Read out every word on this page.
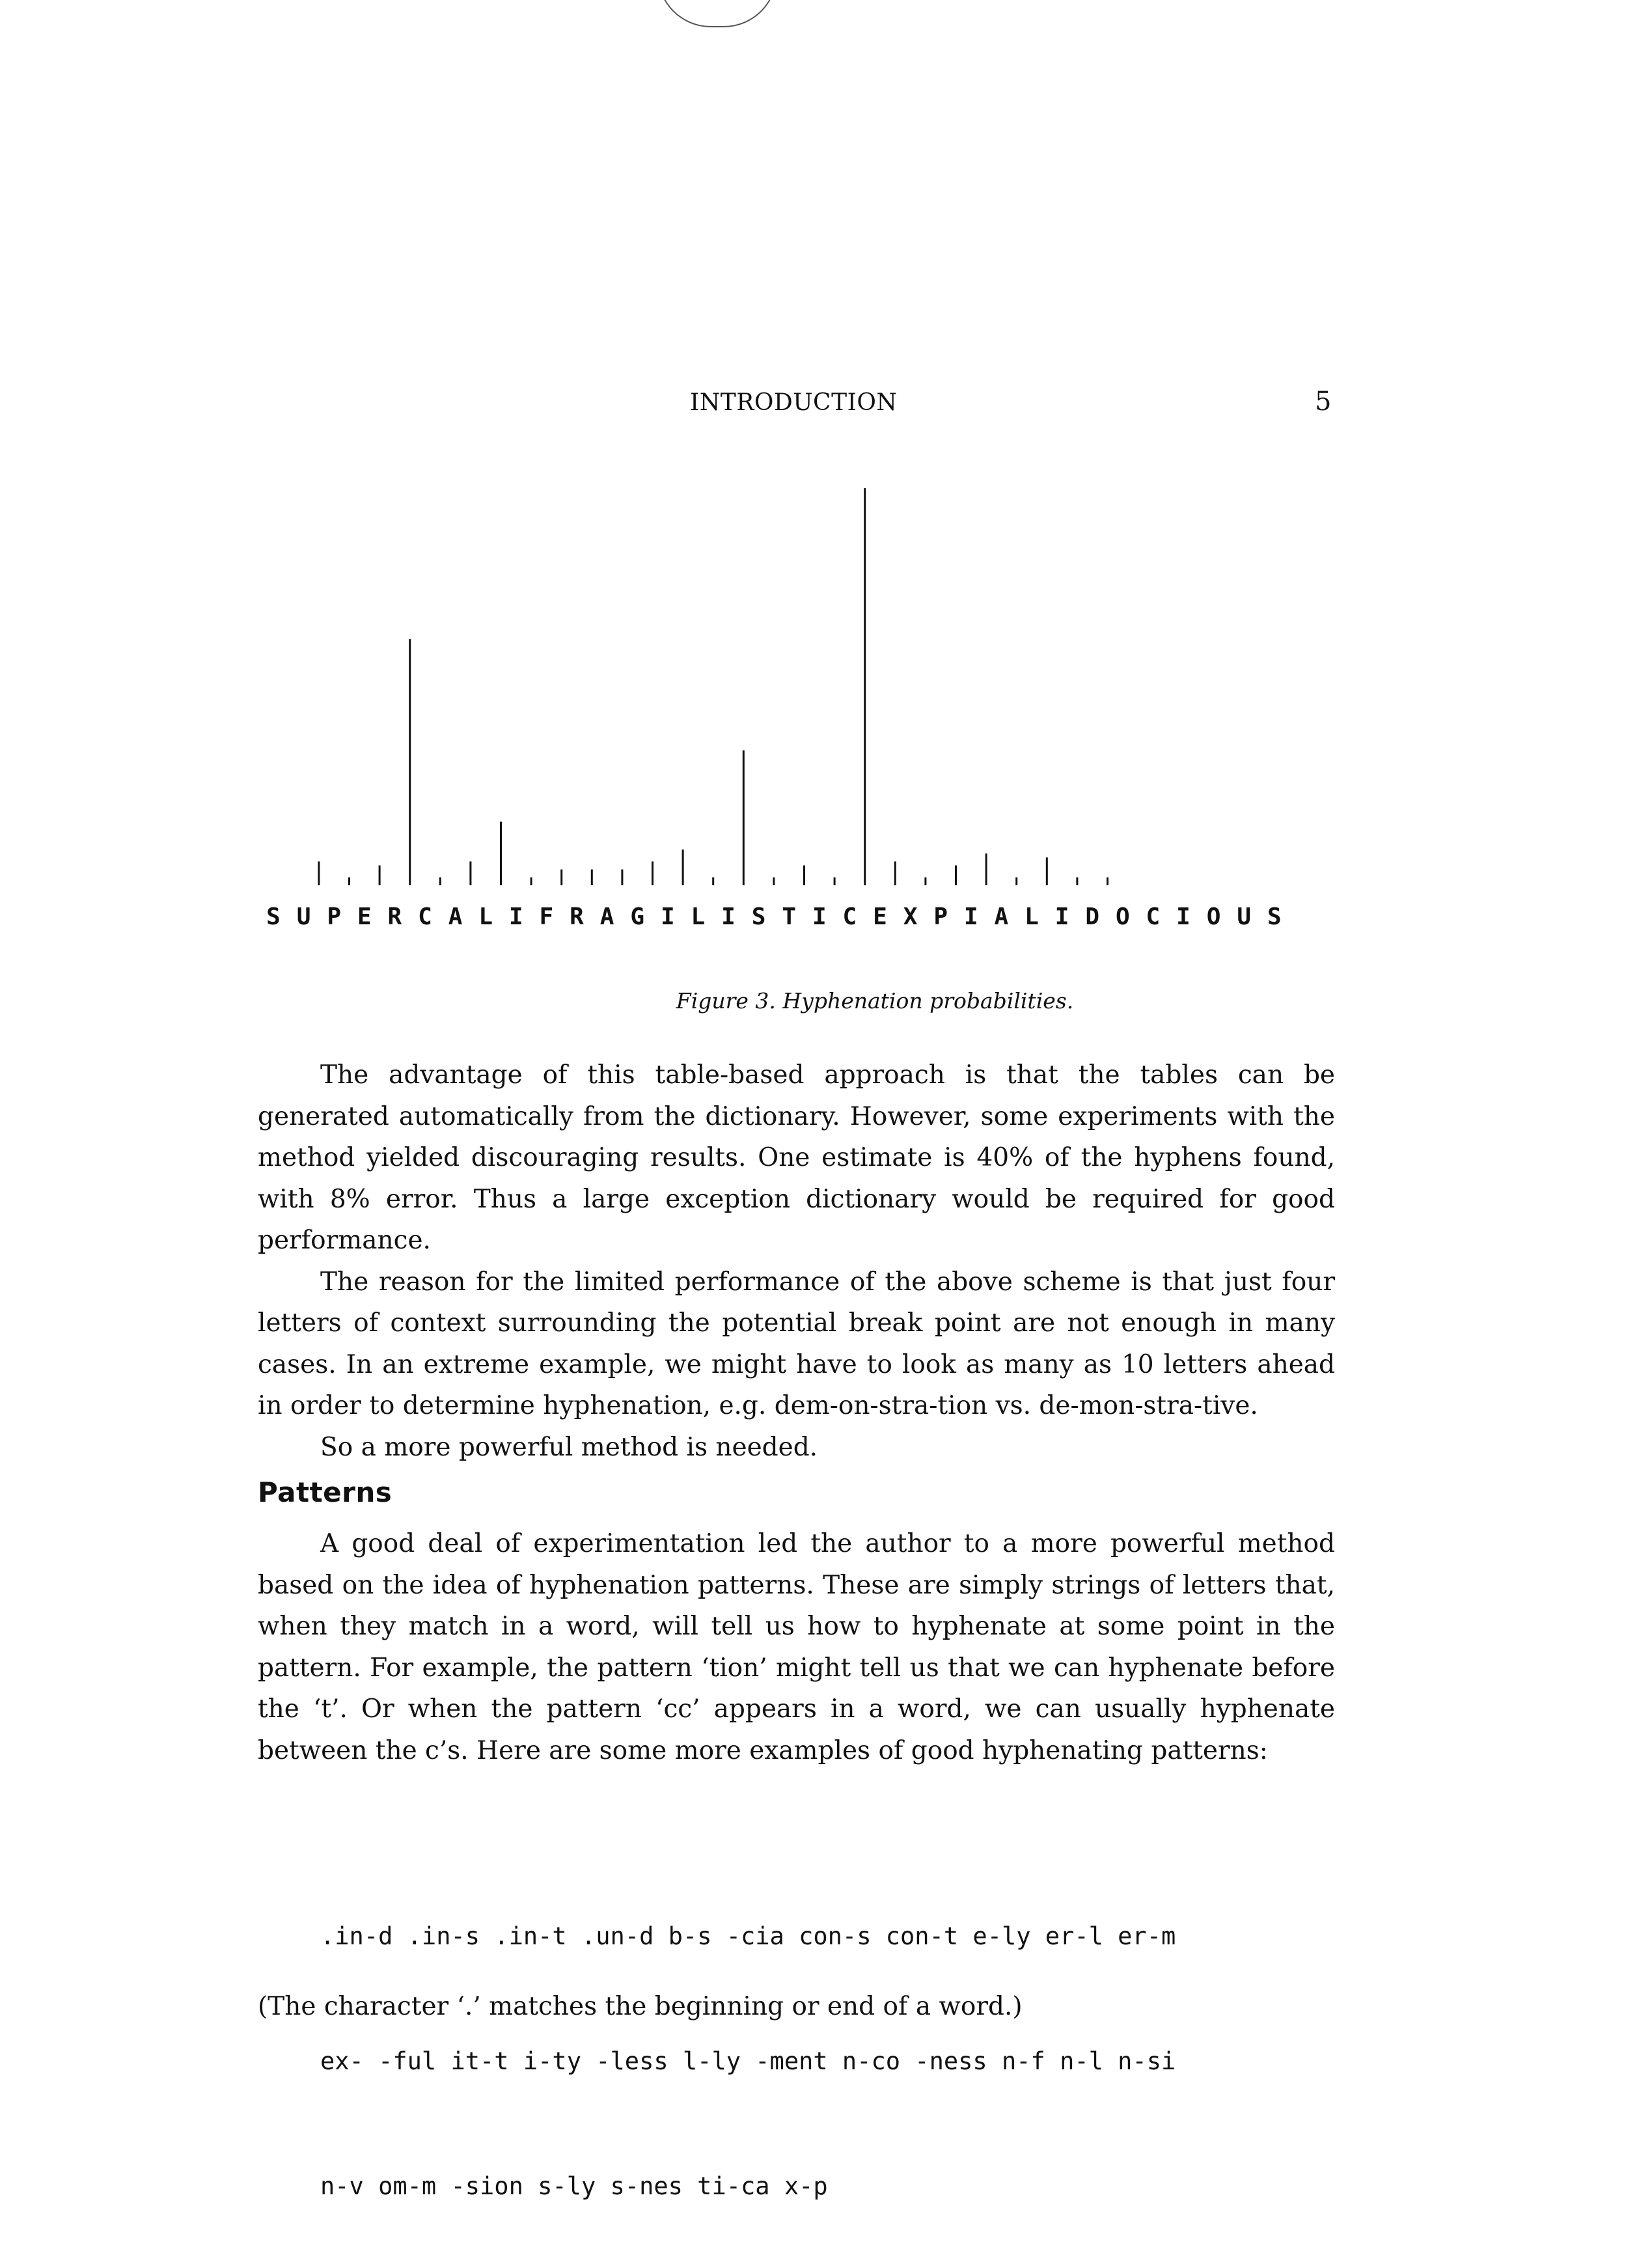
INTRODUCTION	5
S U P E R C A L I F R A G I L I S T I C E X P I A L I D O C I O U S
Figure 3. Hyphenation probabilities.

The advantage of this table-based approach is that the tables can be generated automatically from the dictionary. However, some experiments with the method yielded discouraging results. One estimate is 40% of the hyphens found, with 8% error. Thus a large exception dictionary would be required for good performance.

The reason for the limited performance of the above scheme is that just four letters of context surrounding the potential break point are not enough in many cases. In an extreme example, we might have to look as many as 10 letters ahead in order to determine hyphenation, e.g. dem-on-stra-tion vs. de-mon-stra-tive.

So a more powerful method is needed.

Patterns

A good deal of experimentation led the author to a more powerful method based on the idea of hyphenation patterns. These are simply strings of letters that, when they match in a word, will tell us how to hyphenate at some point in the pattern. For example, the pattern ‘tion’ might tell us that we can hyphenate before the ‘t’. Or when the pattern ‘cc’ appears in a word, we can usually hyphenate between the c’s. Here are some more examples of good hyphenating patterns:

.in-d .in-s .in-t .un-d b-s -cia con-s con-t e-ly er-l er-m

ex- -ful it-t i-ty -less l-ly -ment n-co -ness n-f n-l n-si

n-v om-m -sion s-ly s-nes ti-ca x-p

(The character ‘.’ matches the beginning or end of a word.)
